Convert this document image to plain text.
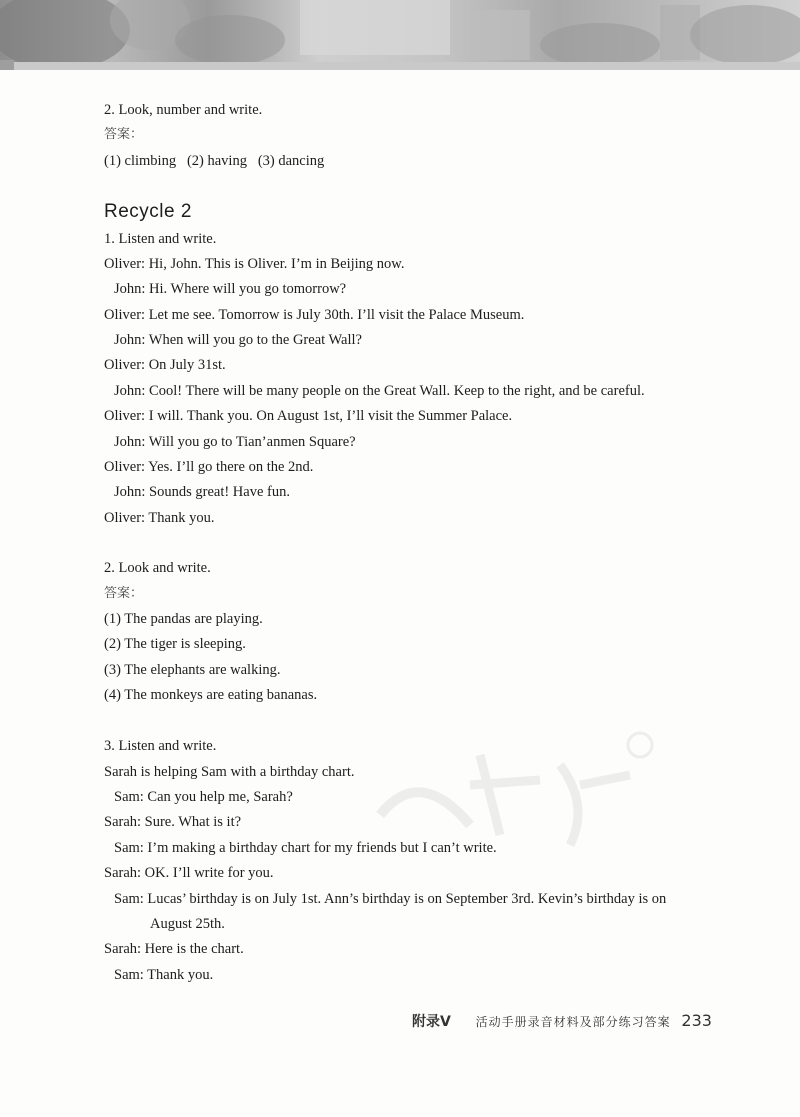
2. Look, number and write.
答案：
(1) climbing   (2) having   (3) dancing
Recycle 2
1. Listen and write.
Oliver: Hi, John. This is Oliver. I’m in Beijing now.
John: Hi. Where will you go tomorrow?
Oliver: Let me see. Tomorrow is July 30th. I’ll visit the Palace Museum.
John: When will you go to the Great Wall?
Oliver: On July 31st.
John: Cool! There will be many people on the Great Wall. Keep to the right, and be careful.
Oliver: I will. Thank you. On August 1st, I’ll visit the Summer Palace.
John: Will you go to Tian’anmen Square?
Oliver: Yes. I’ll go there on the 2nd.
John: Sounds great! Have fun.
Oliver: Thank you.
2. Look and write.
答案：
(1) The pandas are playing.
(2) The tiger is sleeping.
(3) The elephants are walking.
(4) The monkeys are eating bananas.
3. Listen and write.
Sarah is helping Sam with a birthday chart.
Sam: Can you help me, Sarah?
Sarah: Sure. What is it?
Sam: I’m making a birthday chart for my friends but I can’t write.
Sarah: OK. I’ll write for you.
Sam: Lucas’ birthday is on July 1st. Ann’s birthday is on September 3rd. Kevin’s birthday is on
August 25th.
Sarah: Here is the chart.
Sam: Thank you.
附录V 活动手册录音材料及部分练习答案 233
